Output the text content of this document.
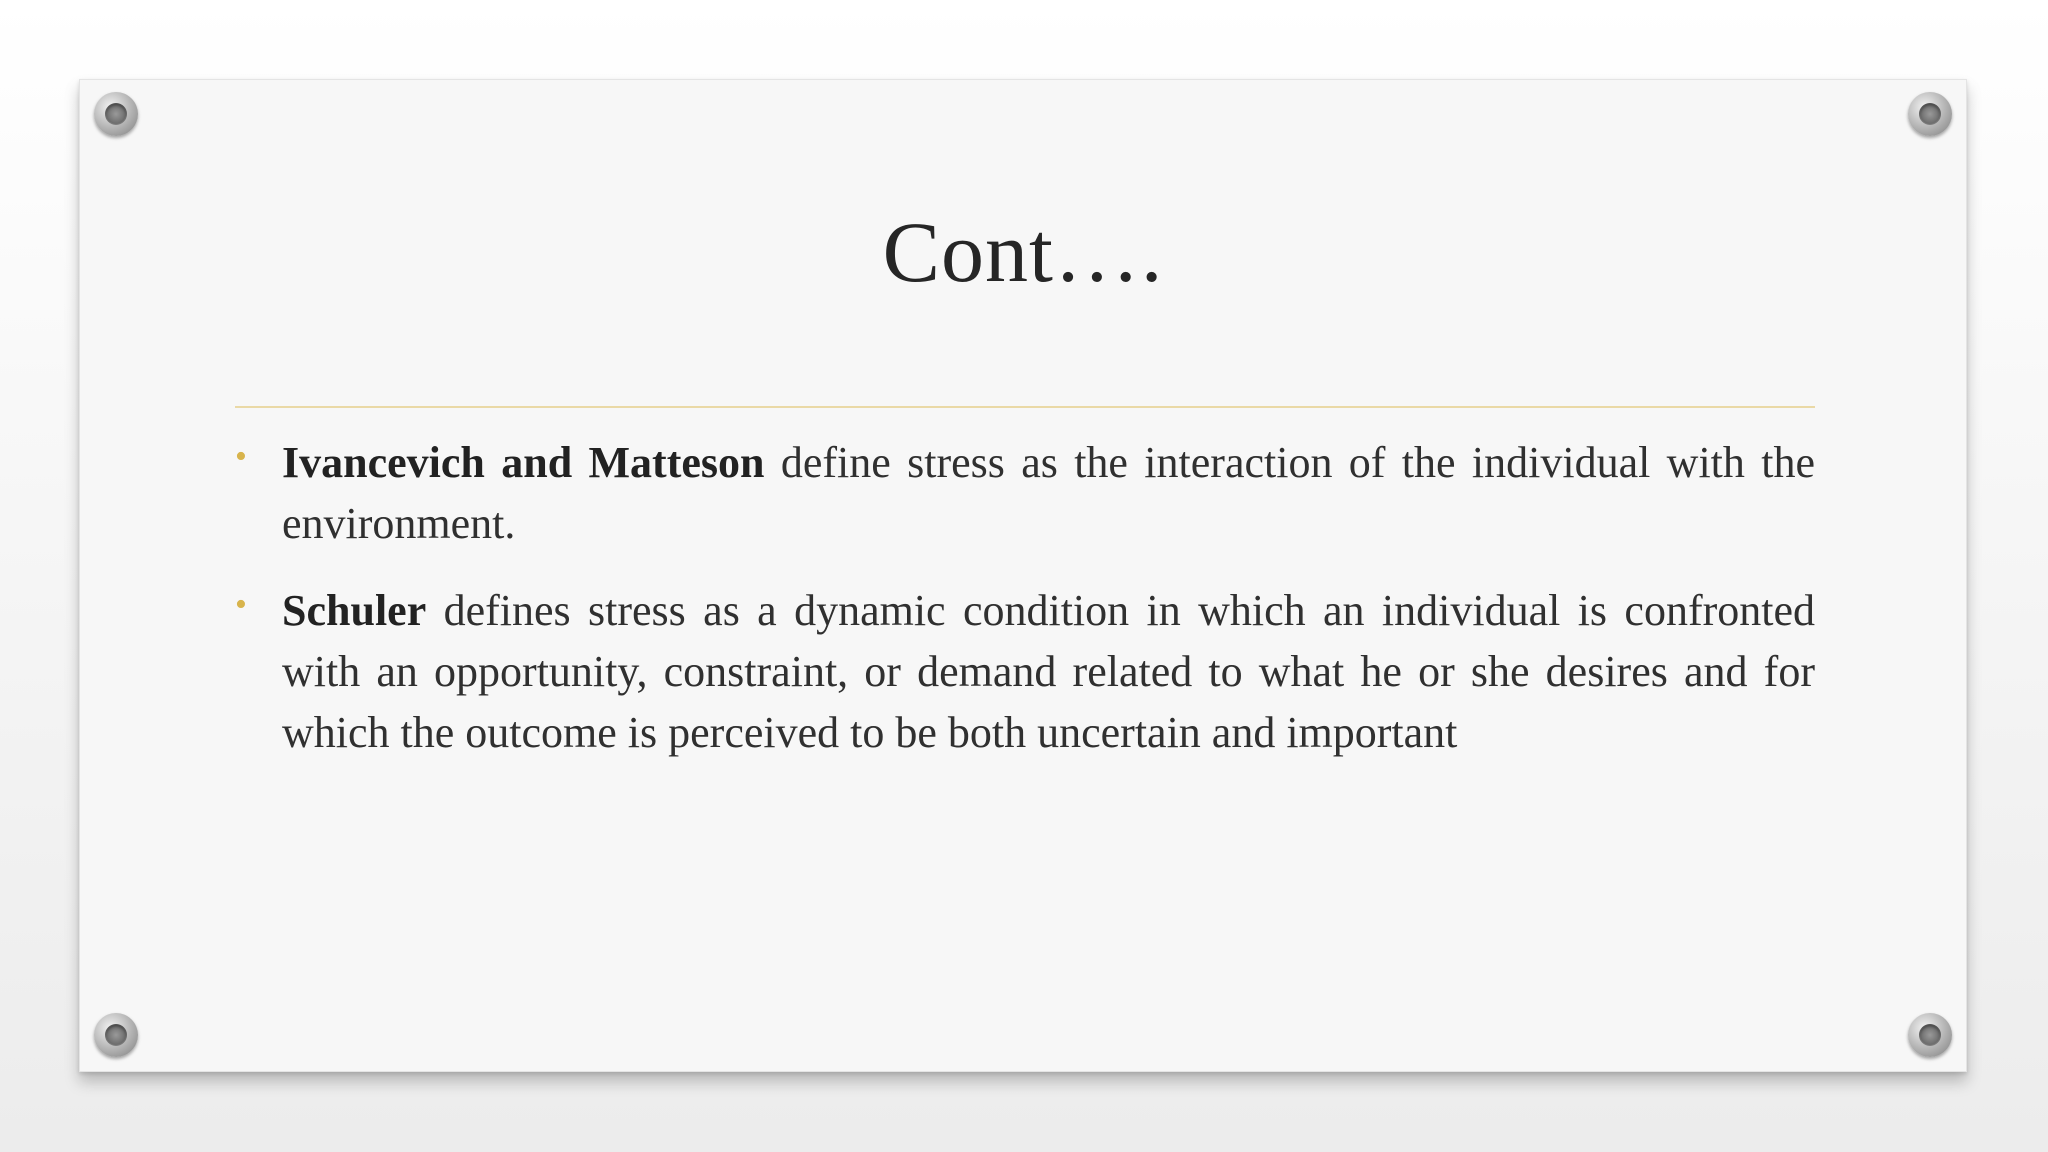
Cont….
• Ivancevich and Matteson define stress as the interaction of the individual with the environment.
• Schuler defines stress as a dynamic condition in which an individual is confronted with an opportunity, constraint, or demand related to what he or she desires and for which the outcome is perceived to be both uncertain and important
